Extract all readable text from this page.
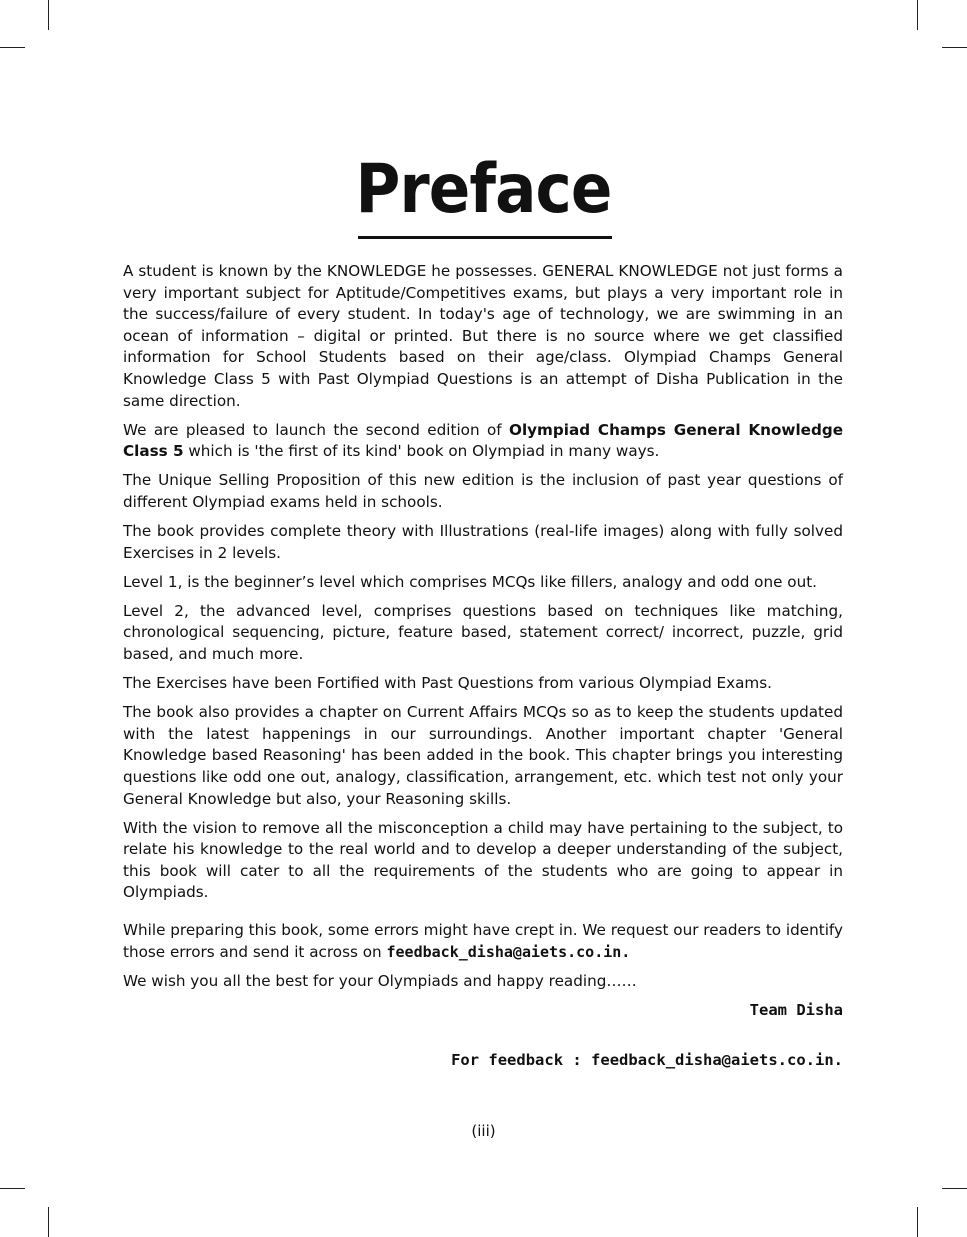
Preface

A student is known by the KNOWLEDGE he possesses. GENERAL KNOWLEDGE not just forms a very important subject for Aptitude/Competitives exams, but plays a very important role in the success/failure of every student. In today's age of technology, we are swimming in an ocean of information – digital or printed. But there is no source where we get classified information for School Students based on their age/class. Olympiad Champs General Knowledge Class 5 with Past Olympiad Questions is an attempt of Disha Publication in the same direction.

We are pleased to launch the second edition of Olympiad Champs General Knowledge Class 5 which is 'the first of its kind' book on Olympiad in many ways.

The Unique Selling Proposition of this new edition is the inclusion of past year questions of different Olympiad exams held in schools.

The book provides complete theory with Illustrations (real-life images) along with fully solved Exercises in 2 levels.

Level 1, is the beginner’s level which comprises MCQs like fillers, analogy and odd one out.

Level 2, the advanced level, comprises questions based on techniques like matching, chronological sequencing, picture, feature based, statement correct/ incorrect, puzzle, grid based, and much more.

The Exercises have been Fortified with Past Questions from various Olympiad Exams.

The book also provides a chapter on Current Affairs MCQs so as to keep the students updated with the latest happenings in our surroundings. Another important chapter 'General Knowledge based Reasoning' has been added in the book. This chapter brings you interesting questions like odd one out, analogy, classification, arrangement, etc. which test not only your General Knowledge but also, your Reasoning skills.

With the vision to remove all the misconception a child may have pertaining to the subject, to relate his knowledge to the real world and to develop a deeper understanding of the subject, this book will cater to all the requirements of the students who are going to appear in Olympiads.

While preparing this book, some errors might have crept in. We request our readers to identify those errors and send it across on feedback_disha@aiets.co.in.

We wish you all the best for your Olympiads and happy reading……

Team Disha
For feedback : feedback_disha@aiets.co.in.
(iii)
